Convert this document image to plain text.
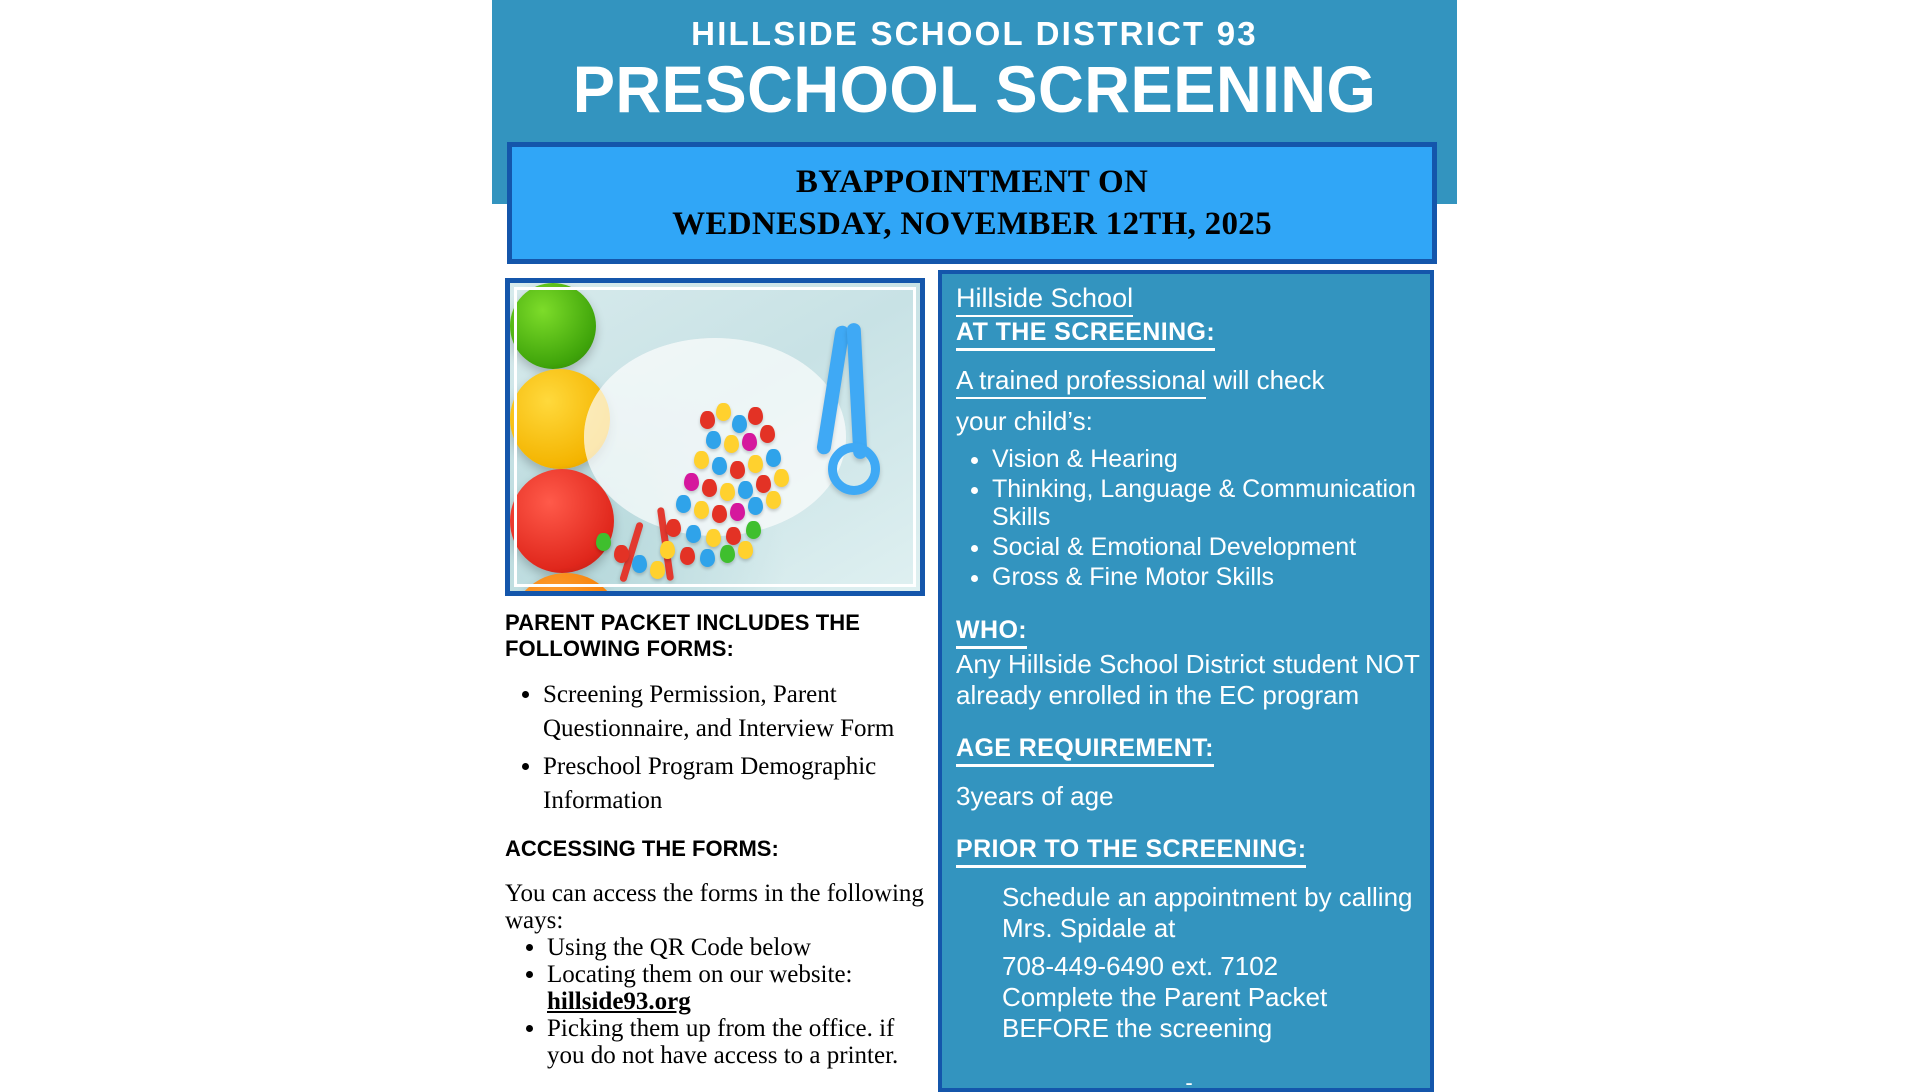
HILLSIDE SCHOOL DISTRICT 93
PRESCHOOL SCREENING
BYAPPOINTMENT ON
WEDNESDAY, NOVEMBER 12TH, 2025
PARENT PACKET INCLUDES THE FOLLOWING FORMS:
• Screening Permission, Parent Questionnaire, and Interview Form
• Preschool Program Demographic Information
ACCESSING THE FORMS:
You can access the forms in the following ways:
• Using the QR Code below
• Locating them on our website: hillside93.org
• Picking them up from the office. if you do not have access to a printer.
Hillside School
AT THE SCREENING:
A trained professional will check
your child’s:
• Vision & Hearing
• Thinking, Language & Communication Skills
• Social & Emotional Development
• Gross & Fine Motor Skills
WHO:
Any Hillside School District student NOT already enrolled in the EC program
AGE REQUIREMENT:
3years of age
PRIOR TO THE SCREENING:
Schedule an appointment by calling Mrs. Spidale at
708-449-6490 ext. 7102
Complete the Parent Packet BEFORE the screening
-
